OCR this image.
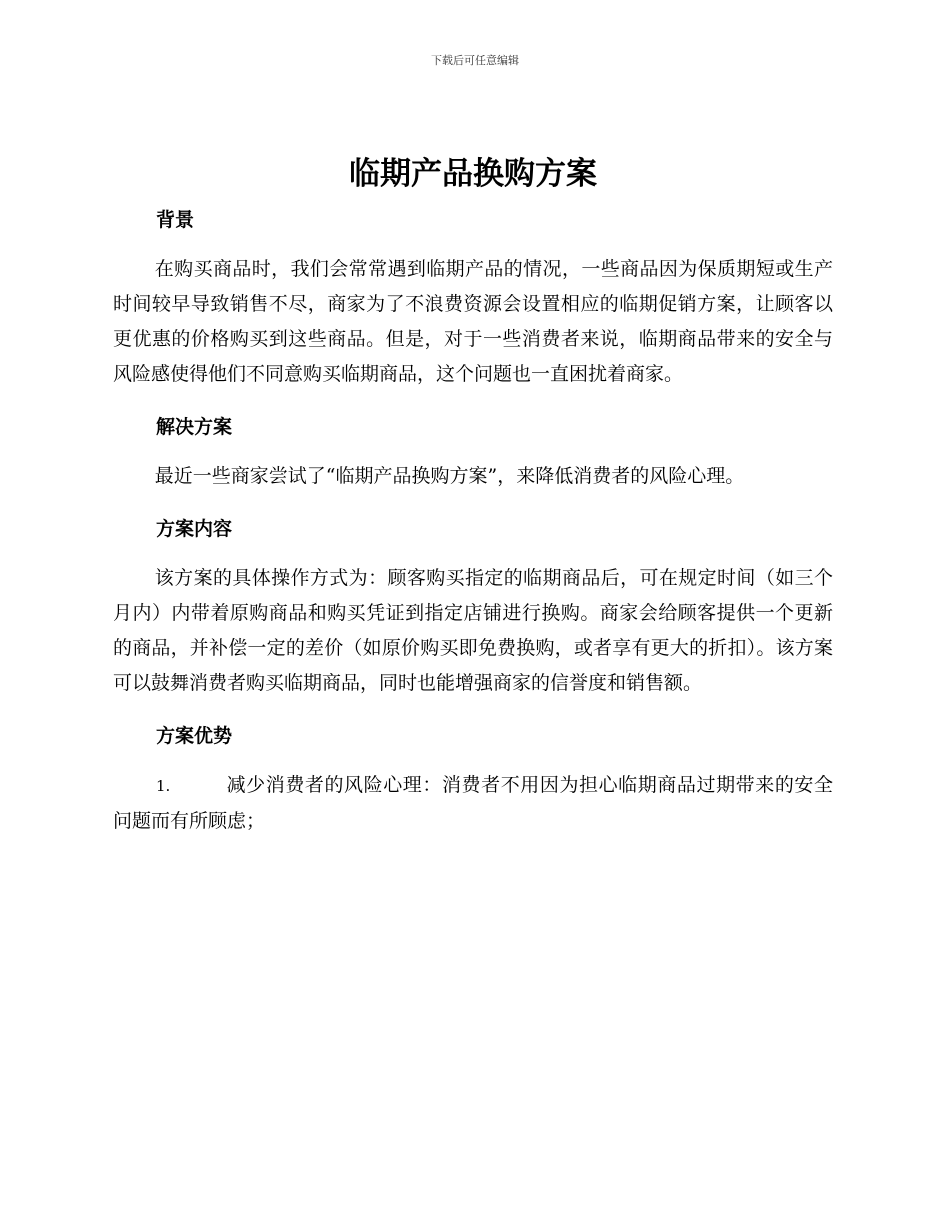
下载后可任意编辑
临期产品换购方案
背景

在购买商品时，我们会常常遇到临期产品的情况，一些商品因为保质期短或生产时间较早导致销售不尽，商家为了不浪费资源会设置相应的临期促销方案，让顾客以更优惠的价格购买到这些商品。但是，对于一些消费者来说，临期商品带来的安全与风险感使得他们不同意购买临期商品，这个问题也一直困扰着商家。

解决方案

最近一些商家尝试了“临期产品换购方案”，来降低消费者的风险心理。

方案内容

该方案的具体操作方式为：顾客购买指定的临期商品后，可在规定时间（如三个月内）内带着原购商品和购买凭证到指定店铺进行换购。商家会给顾客提供一个更新的商品，并补偿一定的差价（如原价购买即免费换购，或者享有更大的折扣）。该方案可以鼓舞消费者购买临期商品，同时也能增强商家的信誉度和销售额。

方案优势

1.	减少消费者的风险心理：消费者不用因为担心临期商品过期带来的安全问题而有所顾虑；
